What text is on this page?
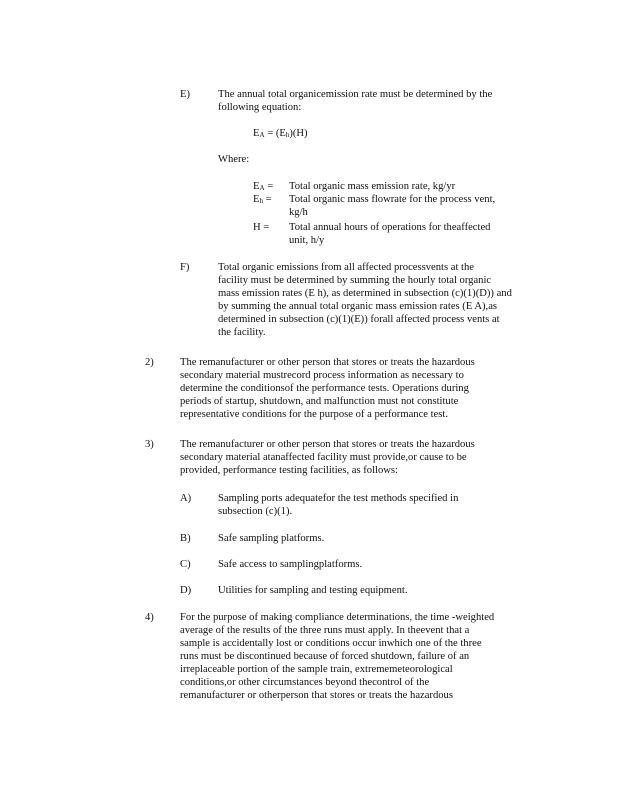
E)	The annual total organicemission rate must be determined by the
following equation:
$E_A = (E_h)(H)$
Where:
$E_A$ = Total organic mass emission rate, kg/yr
$E_h$ = Total organic mass flowrate for the process vent,
kg/h
H = Total annual hours of operations for theaffected
unit, h/y
F)	Total organic emissions from all affected processvents at the
facility must be determined by summing the hourly total organic
mass emission rates (E h), as determined in subsection (c)(1)(D)) and
by summing the annual total organic mass emission rates (E A),as
determined in subsection (c)(1)(E)) forall affected process vents at
the facility.
2) The remanufacturer or other person that stores or treats the hazardous
secondary material mustrecord process information as necessary to
determine the conditionsof the performance tests. Operations during
periods of startup, shutdown, and malfunction must not constitute
representative conditions for the purpose of a performance test.
3) The remanufacturer or other person that stores or treats the hazardous
secondary material atanaffected facility must provide,or cause to be
provided, performance testing facilities, as follows:
A)	Sampling ports adequatefor the test methods specified in
subsection (c)(1).
B)	Safe sampling platforms.
C)	Safe access to samplingplatforms.
D)	Utilities for sampling and testing equipment.
4) For the purpose of making compliance determinations, the time -weighted
average of the results of the three runs must apply. In theevent that a
sample is accidentally lost or conditions occur inwhich one of the three
runs must be discontinued because of forced shutdown, failure of an
irreplaceable portion of the sample train, extrememeteorological
conditions,or other circumstances beyond thecontrol of the
remanufacturer or otherperson that stores or treats the hazardous
